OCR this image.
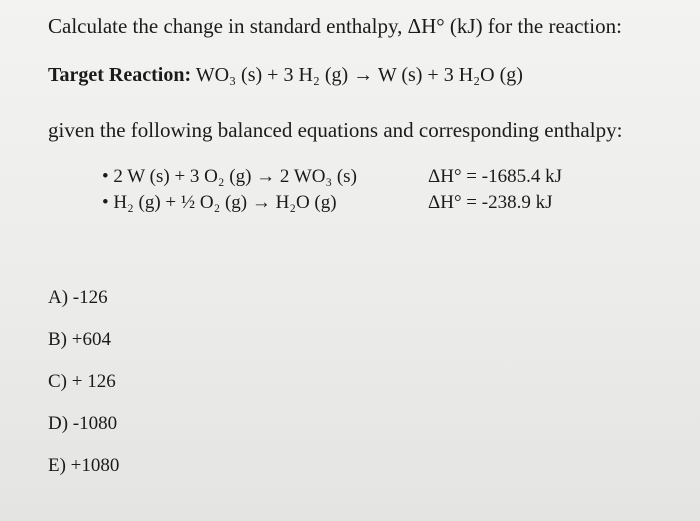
Calculate the change in standard enthalpy, ΔH° (kJ) for the reaction:
Target Reaction: WO₃ (s) + 3 H₂ (g) → W (s) + 3 H₂O (g)
given the following balanced equations and corresponding enthalpy:
• 2 W (s) + 3 O₂ (g) → 2 WO₃ (s)	ΔH° = -1685.4 kJ
• H₂ (g) + ½ O₂ (g) → H₂O (g)	ΔH° = -238.9 kJ
A) -126
B) +604
C) + 126
D) -1080
E) +1080
